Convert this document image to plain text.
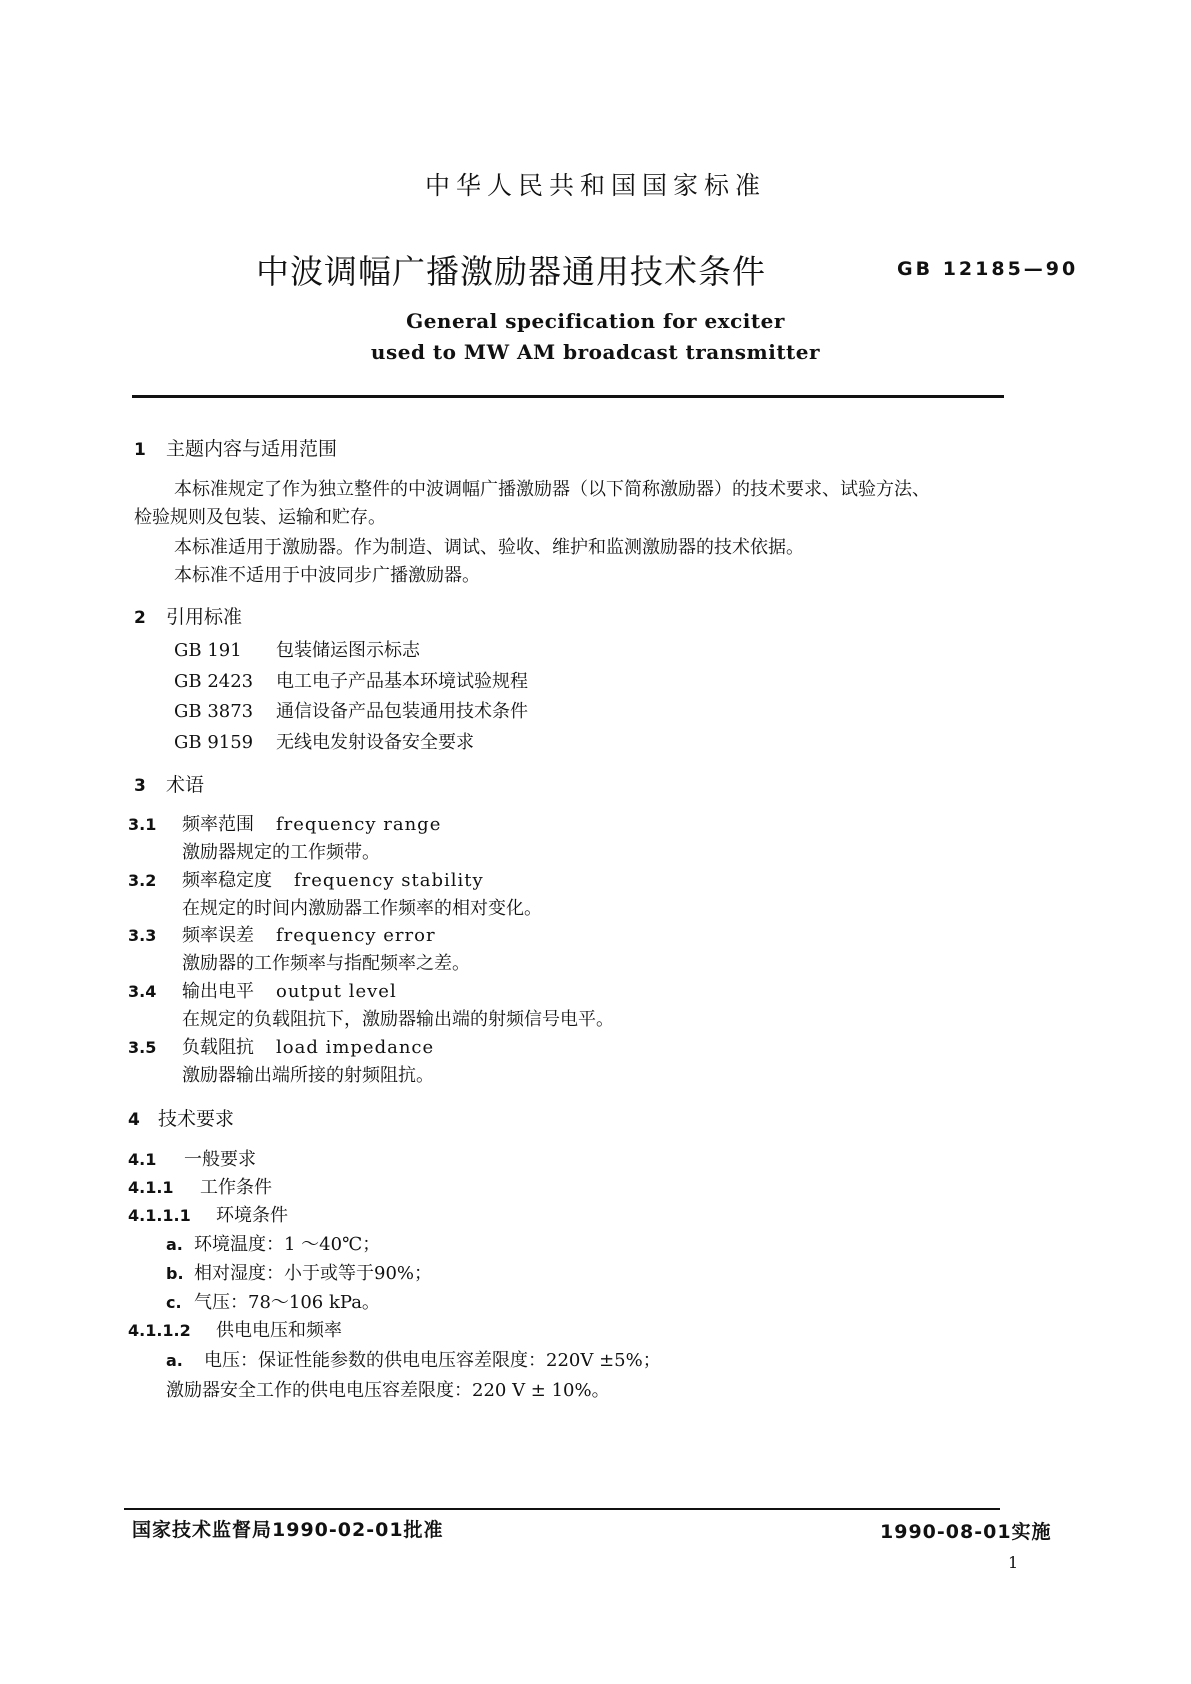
中华人民共和国国家标准
中波调幅广播激励器通用技术条件	GB 12185—90
General specification for exciter
used to MW AM broadcast transmitter
1 主题内容与适用范围
本标准规定了作为独立整件的中波调幅广播激励器（以下简称激励器）的技术要求、试验方法、
检验规则及包装、运输和贮存。
本标准适用于激励器。作为制造、调试、验收、维护和监测激励器的技术依据。
本标准不适用于中波同步广播激励器。
2 引用标准
GB 191 包装储运图示标志
GB 2423 电工电子产品基本环境试验规程
GB 3873 通信设备产品包装通用技术条件
GB 9159 无线电发射设备安全要求
3 术语
3.1 频率范围 frequency range
激励器规定的工作频带。
3.2 频率稳定度 frequency stability
在规定的时间内激励器工作频率的相对变化。
3.3 频率误差 frequency error
激励器的工作频率与指配频率之差。
3.4 输出电平 output level
在规定的负载阻抗下，激励器输出端的射频信号电平。
3.5 负载阻抗 load impedance
激励器输出端所接的射频阻抗。
4 技术要求
4.1 一般要求
4.1.1 工作条件
4.1.1.1 环境条件
a. 环境温度：1 ～40℃；
b. 相对湿度：小于或等于90%；
c. 气压：78～106 kPa。
4.1.1.2 供电电压和频率
a. 电压：保证性能参数的供电电压容差限度：220V ±5%；
激励器安全工作的供电电压容差限度：220 V ± 10%。
国家技术监督局1990-02-01批准	1990-08-01实施
1
